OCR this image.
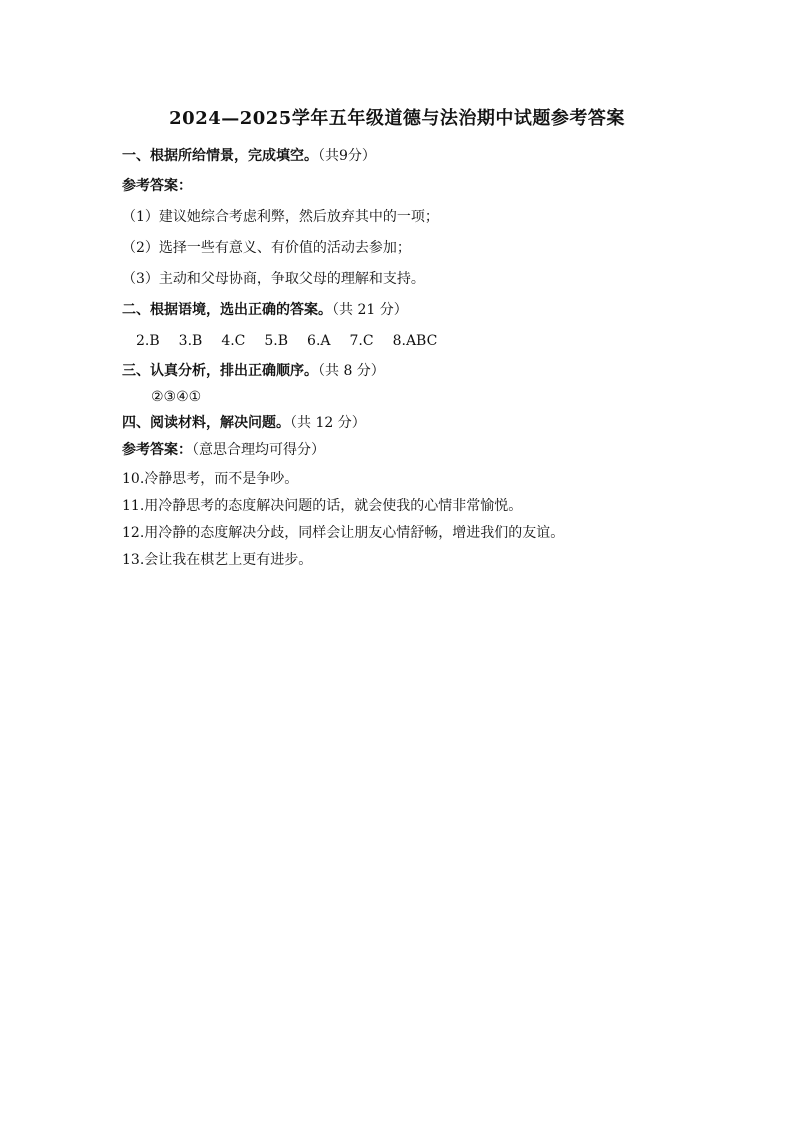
2024—2025学年五年级道德与法治期中试题参考答案
一、根据所给情景，完成填空。（共9分）
参考答案：
（1）建议她综合考虑利弊，然后放弃其中的一项；
（2）选择一些有意义、有价值的活动去参加；
（3）主动和父母协商，争取父母的理解和支持。
二、根据语境，选出正确的答案。（共 21 分）
2.B 3.B 4.C 5.B 6.A 7.C 8.ABC
三、认真分析，排出正确顺序。（共 8 分）
②③④①
四、阅读材料，解决问题。（共 12 分）
参考答案：（意思合理均可得分）
10.冷静思考，而不是争吵。
11.用冷静思考的态度解决问题的话，就会使我的心情非常愉悦。
12.用冷静的态度解决分歧，同样会让朋友心情舒畅，增进我们的友谊。
13.会让我在棋艺上更有进步。
